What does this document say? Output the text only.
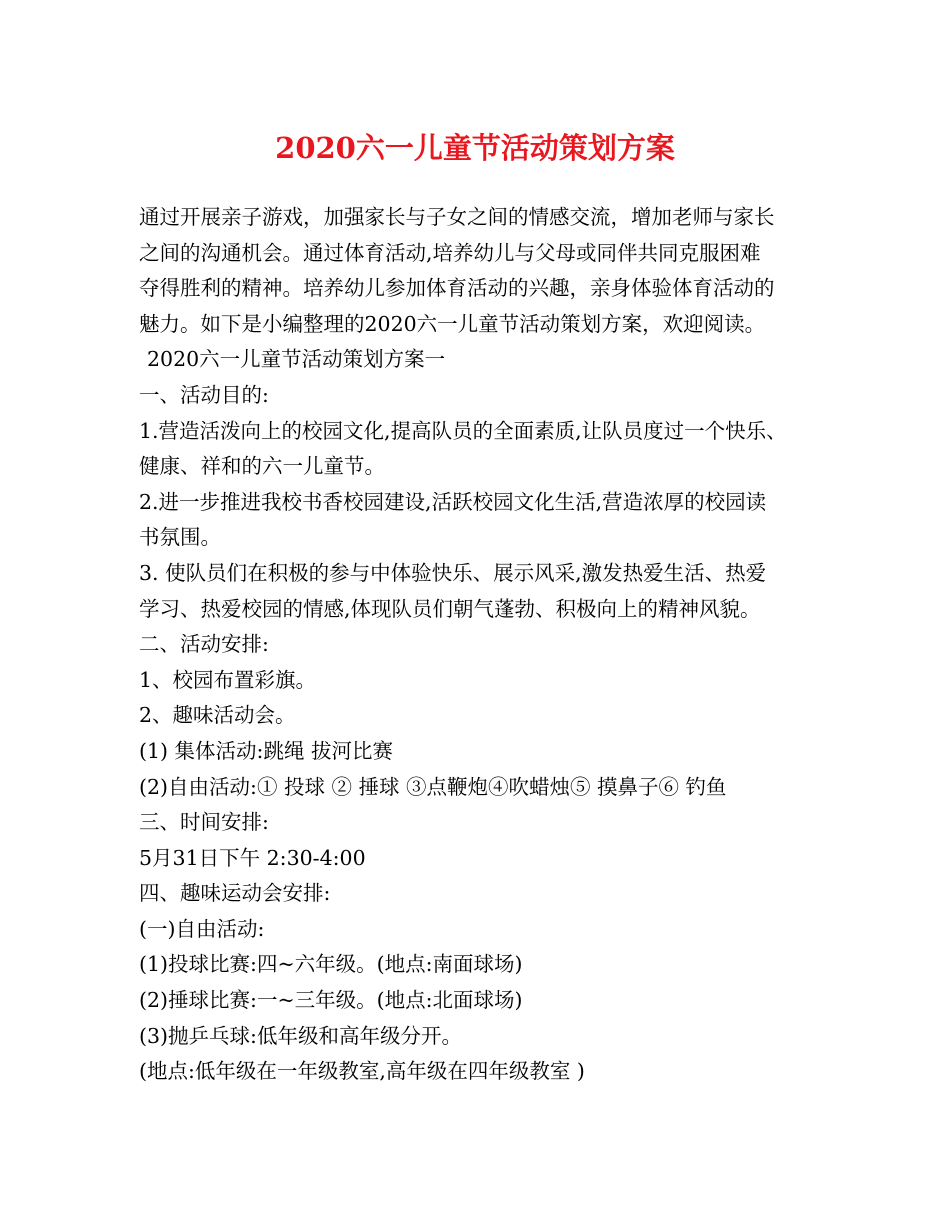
2020六一儿童节活动策划方案
通过开展亲子游戏，加强家长与子女之间的情感交流，增加老师与家长
之间的沟通机会。通过体育活动,培养幼儿与父母或同伴共同克服困难
夺得胜利的精神。培养幼儿参加体育活动的兴趣，亲身体验体育活动的
魅力。如下是小编整理的2020六一儿童节活动策划方案，欢迎阅读。
2020六一儿童节活动策划方案一
一、活动目的:
1.营造活泼向上的校园文化,提高队员的全面素质,让队员度过一个快乐、
健康、祥和的六一儿童节。
2.进一步推进我校书香校园建设,活跃校园文化生活,营造浓厚的校园读
书氛围。
3. 使队员们在积极的参与中体验快乐、展示风采,激发热爱生活、热爱
学习、热爱校园的情感,体现队员们朝气蓬勃、积极向上的精神风貌。
二、活动安排:
1、校园布置彩旗。
2、趣味活动会。
(1) 集体活动:跳绳 拔河比赛
(2)自由活动:① 投球 ② 捶球 ③点鞭炮④吹蜡烛⑤ 摸鼻子⑥ 钓鱼
三、时间安排:
5月31日下午 2:30-4:00
四、趣味运动会安排:
(一)自由活动:
(1)投球比赛:四~六年级。(地点:南面球场)
(2)捶球比赛:一~三年级。(地点:北面球场)
(3)抛乒乓球:低年级和高年级分开。
(地点:低年级在一年级教室,高年级在四年级教室 )
